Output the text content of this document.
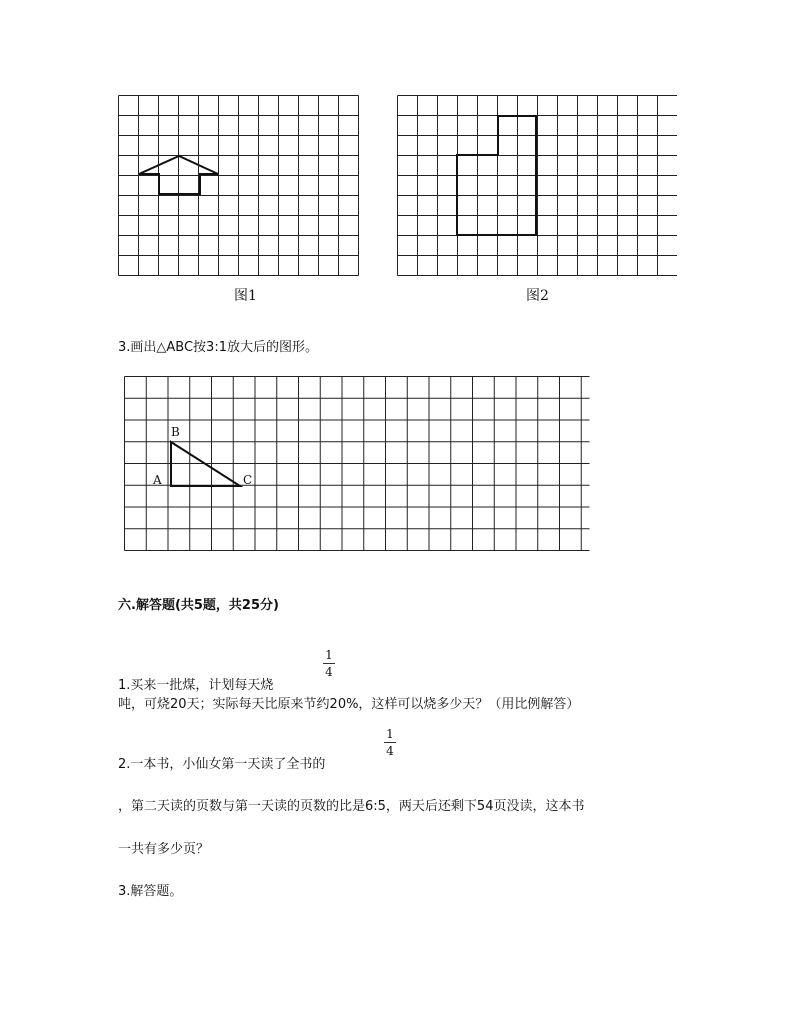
图1	图2
3.画出△ABC按3:1放大后的图形。
B
A	C
六.解答题(共5题，共25分)
1
4
1.买来一批煤，计划每天烧
吨，可烧20天；实际每天比原来节约20%，这样可以烧多少天？（用比例解答）
1
4
2.一本书，小仙女第一天读了全书的
，第二天读的页数与第一天读的页数的比是6:5，两天后还剩下54页没读，这本书
一共有多少页？
3.解答题。
